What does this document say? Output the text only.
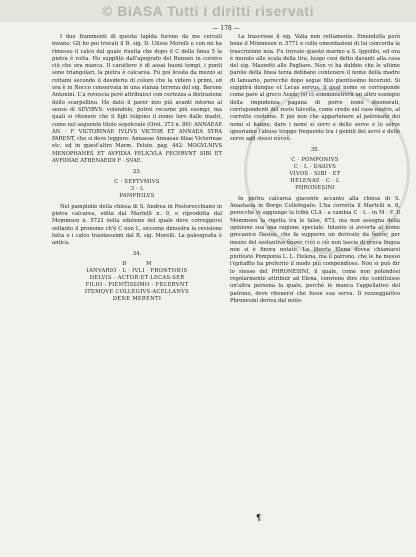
© BiASA Tutti i diritti riservati
— 178 —

I due frammenti di questa lapida furono da me cercati invano. Gli ho poi trovati il B. sig. D. Ulisse Morelli e con mi ha rimesso il calco dal quale risulta che dopo il C della linea 5 la pietra è rotta. Ho supplito dall'apografo del Bunsen in corsivo ciò che ora manca. Il carattere è di assai buoni tempi, i punti sono triangolari, la pietra è calcarea. Fu poi levata da mezzo ai rottami secondo il desiderio di coloro che la videro i primi, ed ora è in Nocco conservata in una stanza terrena del sig. Barone Antonini. L'a rovescia però attribuisci con certezza a distrazione dello scarpellino. Ho dato il parer mio più avanti intorno al senso di SEVIRVS: volendolo, potrei recarne più esempi, ma quali si ritenere che il figli tolgono il nome loro dalle madri, come nel seguente titolo sepolcrale (Orel. 373 n. 89): ANNAEAE AN · F VICTORINAE IVLIVS VICTOR ET ANNAEA SYRA PARENT, che si deve leggere: Annaeae Annaeae filiae Victorinae etc. ed in quest'altro Marm. Felsin. pag. 442: MOGVLNIVS MENOPHANES ET AVFIDIA FELICVLA FECERVNT SIBI ET AVFIDIAE ATHENAEIDI F · SVAE.

33.
C · SEPTVMIVS
Ɔ · L
PAMPHILVS

Nel pampinile della chiesa di S. Andrea in Postorocchiano in pietra calcarea, edita dal Martelli n. 9, e riprodotta dal Mommsen n. 5723 nella edizione del quale deve correggersi soltanto il pronome ch'è C non L, siccome dimostra la revisione fatta e i calco trasmessimi dal R. sig. Morelli. La paleografia è antica.

34.
D          M
IANVARIO · L · IVLI · FRONTONIS
HELVIS · ACTOR·ET·LECAS·SER
FILIO · PIENTISSIMO · FECERVNT
ITEMQVE COLLEGIVS·ACELLANVS
DENE MERENTI

La trascrisse il sig. Valia non rettamente. Emendolla però bene il Mommsen n. 5771 e colle emendazioni di lui concorda la trascrizione mia. Fu trovato questo marmo a S. Ippolito, ed ora è murato alle scala della lira, luogo così detto davanti alla casa del sig. Mazzetti alle Pagliare. Non vi ha dubbio che le ultime parole della linea terza debbano contenere il nome della madre di Ianuario, perocchè dopo segue filio pientissimo fecerunt. Si supplirà dunque et Lecas servus, il qual nome se corrisponde come pare al greco Λεκάς (s) ci somministrerà un altro esempio della impudenza pagana di porre nomi disonorati, corrispondenti del resto talvolta, come credo sul caso nostro, al corrotto costume. E poi non che appartenere al patronato dei nomi si hanno, dare i nomi si servi e delle serve e lo serve ignoriamo l'abuso troppo frequente tra i gentili dei servi e delle serve agli stessi αὐτοῦ.

35.
C · POMPONIVS
C · L · DASIVS
VIVOS · SIBI · ET
HELENAE · C · L
PHRONESINI

In pietra calcarea giacente accanto alla chiesa di S. Anastasia in Borgo Collefegato. L'ha corretta il Martelli n. 8, perocchè vi aggiunge la tribù CLA · a cambia C · L · in M · F. Il Mommsen la rigetta tra le false, 873, ma non assegna della opinione sua una ragione speciale. Intanto si avverta al nome grecanico Dasius, che fa supporre un derivato da δασύς per mezzo del sostantivo δάσος (τό) e ciò non lascia di greca lingua non si è finora notato. La liberta Elena dovea chiamarsi piuttosto Pomponia L. L. Helena, ma il patrono, che le ha messo l'epitaffio ha preferito il modo più compendioso. Non si può dir lo stesso del PHRONESINI, il quale, come non potendosi regolarmente attribuir ad Elena, conviene dire che contituisse un'altra persona la quale, perchè le manca l'appellativo del patrono, deve ritenersi che fosse sua serva. Il vezzeggiativo Phronesini deriva dal notis-

¶
